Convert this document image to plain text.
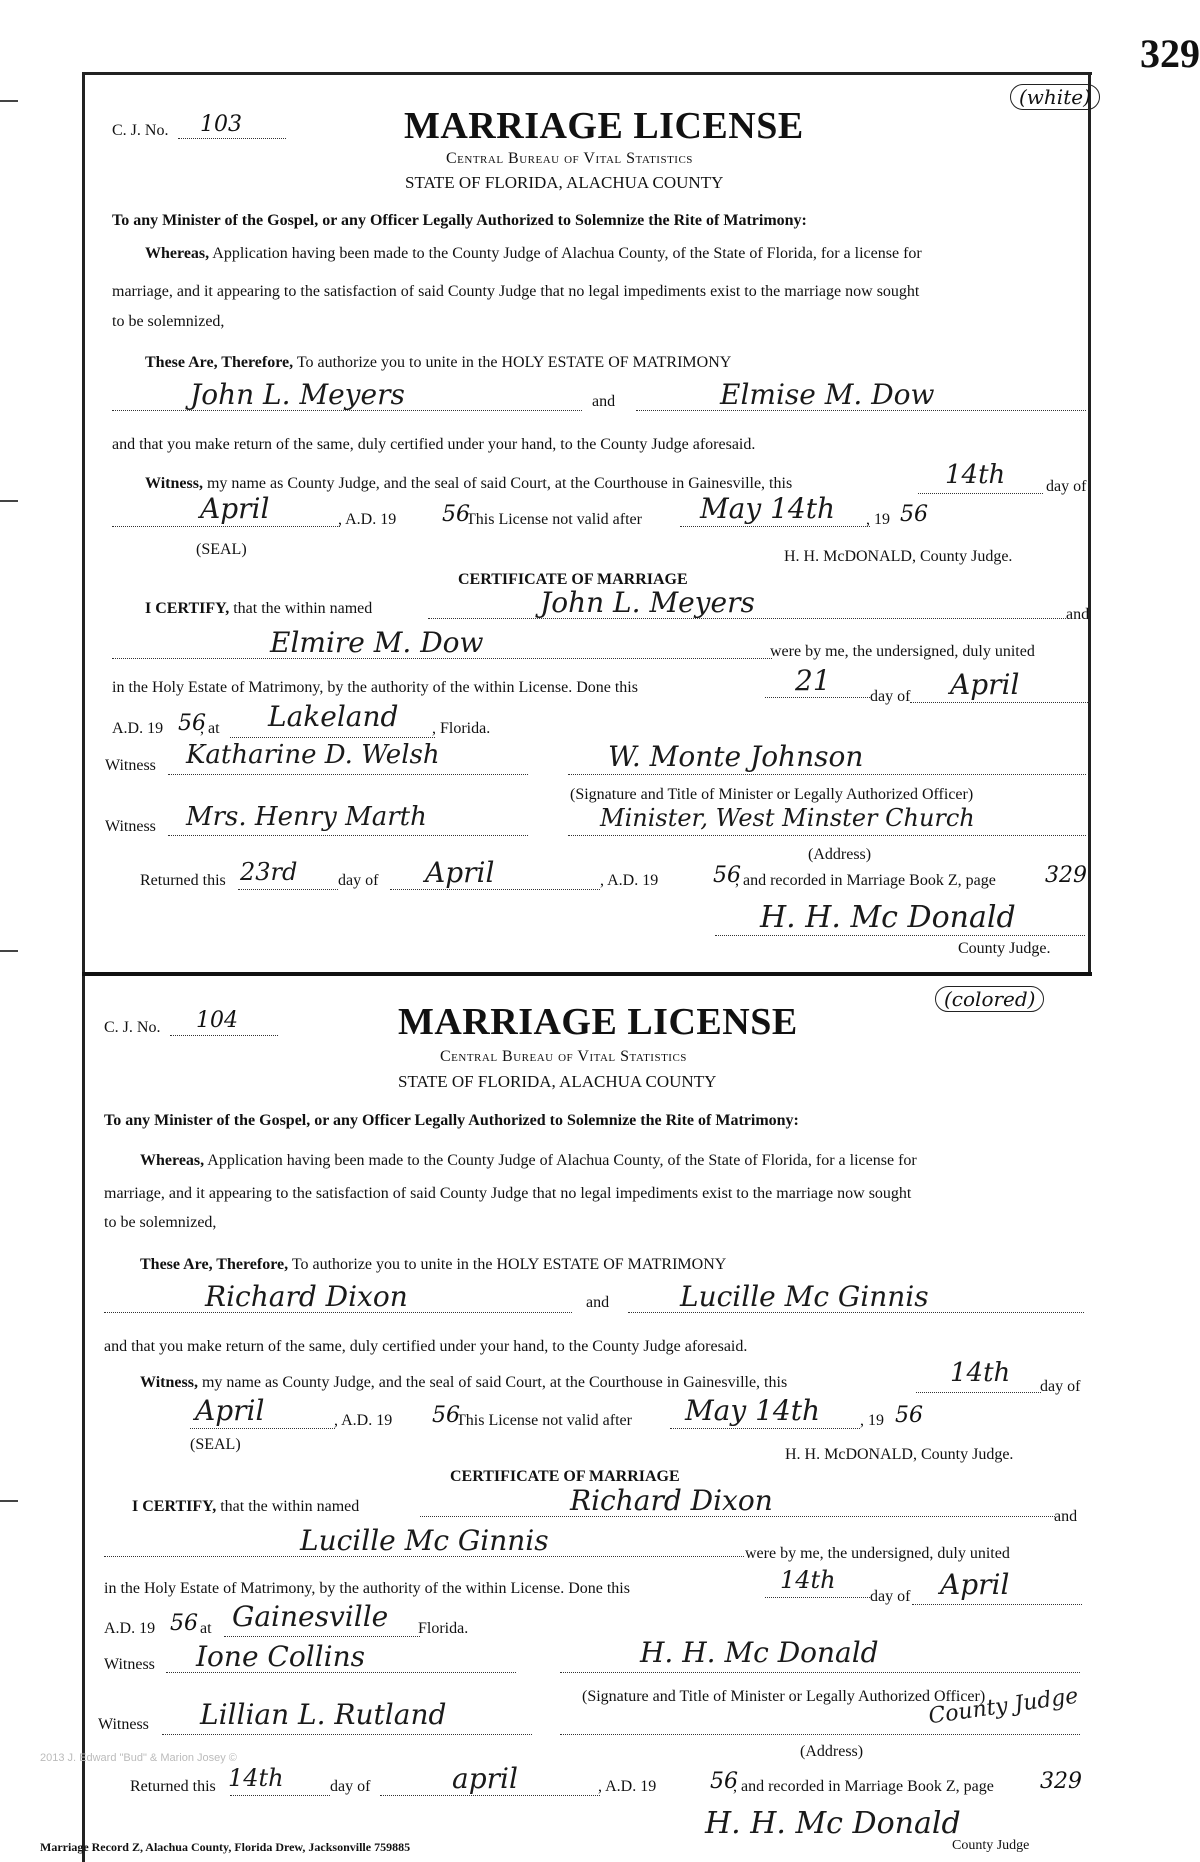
329
C. J. No. 103
(white)
MARRIAGE LICENSE
Central Bureau of Vital Statistics
STATE OF FLORIDA, ALACHUA COUNTY
To any Minister of the Gospel, or any Officer Legally Authorized to Solemnize the Rite of Matrimony:
Whereas, Application having been made to the County Judge of Alachua County, of the State of Florida, for a license for
marriage, and it appearing to the satisfaction of said County Judge that no legal impediments exist to the marriage now sought
to be solemnized,
These Are, Therefore, To authorize you to unite in the HOLY ESTATE OF MATRIMONY
John L. Meyers	and	Elmise M. Dow
and that you make return of the same, duly certified under your hand, to the County Judge aforesaid.
Witness, my name as County Judge, and the seal of said Court, at the Courthouse in Gainesville, this	14th	day of
April	, A.D. 19 56
This License not valid after May 14th , 19 56
(SEAL)	H. H. McDONALD, County Judge.
CERTIFICATE OF MARRIAGE
I CERTIFY, that the within named	John L. Meyers	and
Elmire M. Dow	were by me, the undersigned, duly united
in the Holy Estate of Matrimony, by the authority of the within License. Done this	21 day of April
A.D. 19 56
, at Lakeland , Florida.
Witness Katharine D. Welsh	W. Monte Johnson
(Signature and Title of Minister or Legally Authorized Officer)
Witness Mrs. Henry Marth	Minister, West Minster Church
(Address)
Returned this 23rd	day of April	, A.D. 19 56
, and recorded in Marriage Book Z, page 329
H. H. Mc Donald
County Judge.
C. J. No. 104
(colored)
MARRIAGE LICENSE
Central Bureau of Vital Statistics
STATE OF FLORIDA, ALACHUA COUNTY
To any Minister of the Gospel, or any Officer Legally Authorized to Solemnize the Rite of Matrimony:
Whereas, Application having been made to the County Judge of Alachua County, of the State of Florida, for a license for
marriage, and it appearing to the satisfaction of said County Judge that no legal impediments exist to the marriage now sought
to be solemnized,
These Are, Therefore, To authorize you to unite in the HOLY ESTATE OF MATRIMONY
Richard Dixon	and	Lucille Mc Ginnis
and that you make return of the same, duly certified under your hand, to the County Judge aforesaid.
Witness, my name as County Judge, and the seal of said Court, at the Courthouse in Gainesville, this	14th day of
April	, A.D. 19 56
This License not valid after May 14th	, 19 56
(SEAL)
H. H. McDONALD, County Judge.
CERTIFICATE OF MARRIAGE
I CERTIFY, that the within named	Richard Dixon	and
Lucille Mc Ginnis	were by me, the undersigned, duly united
in the Holy Estate of Matrimony, by the authority of the within License. Done this	14th
day of April
A.D. 19 56 at Gainesville Florida.
Witness Ione Collins	H. H. Mc Donald
(Signature and Title of Minister or Legally Authorized Officer)
County Judge
Witness Lillian L. Rutland
(Address)
2013 J. Edward "Bud" & Marion Josey ©
Returned this 14th	day of	april	, A.D. 19 56
, and recorded in Marriage Book Z, page 329
H. H. Mc Donald
County Judge
Marriage Record Z, Alachua County, Florida Drew, Jacksonville 759885
